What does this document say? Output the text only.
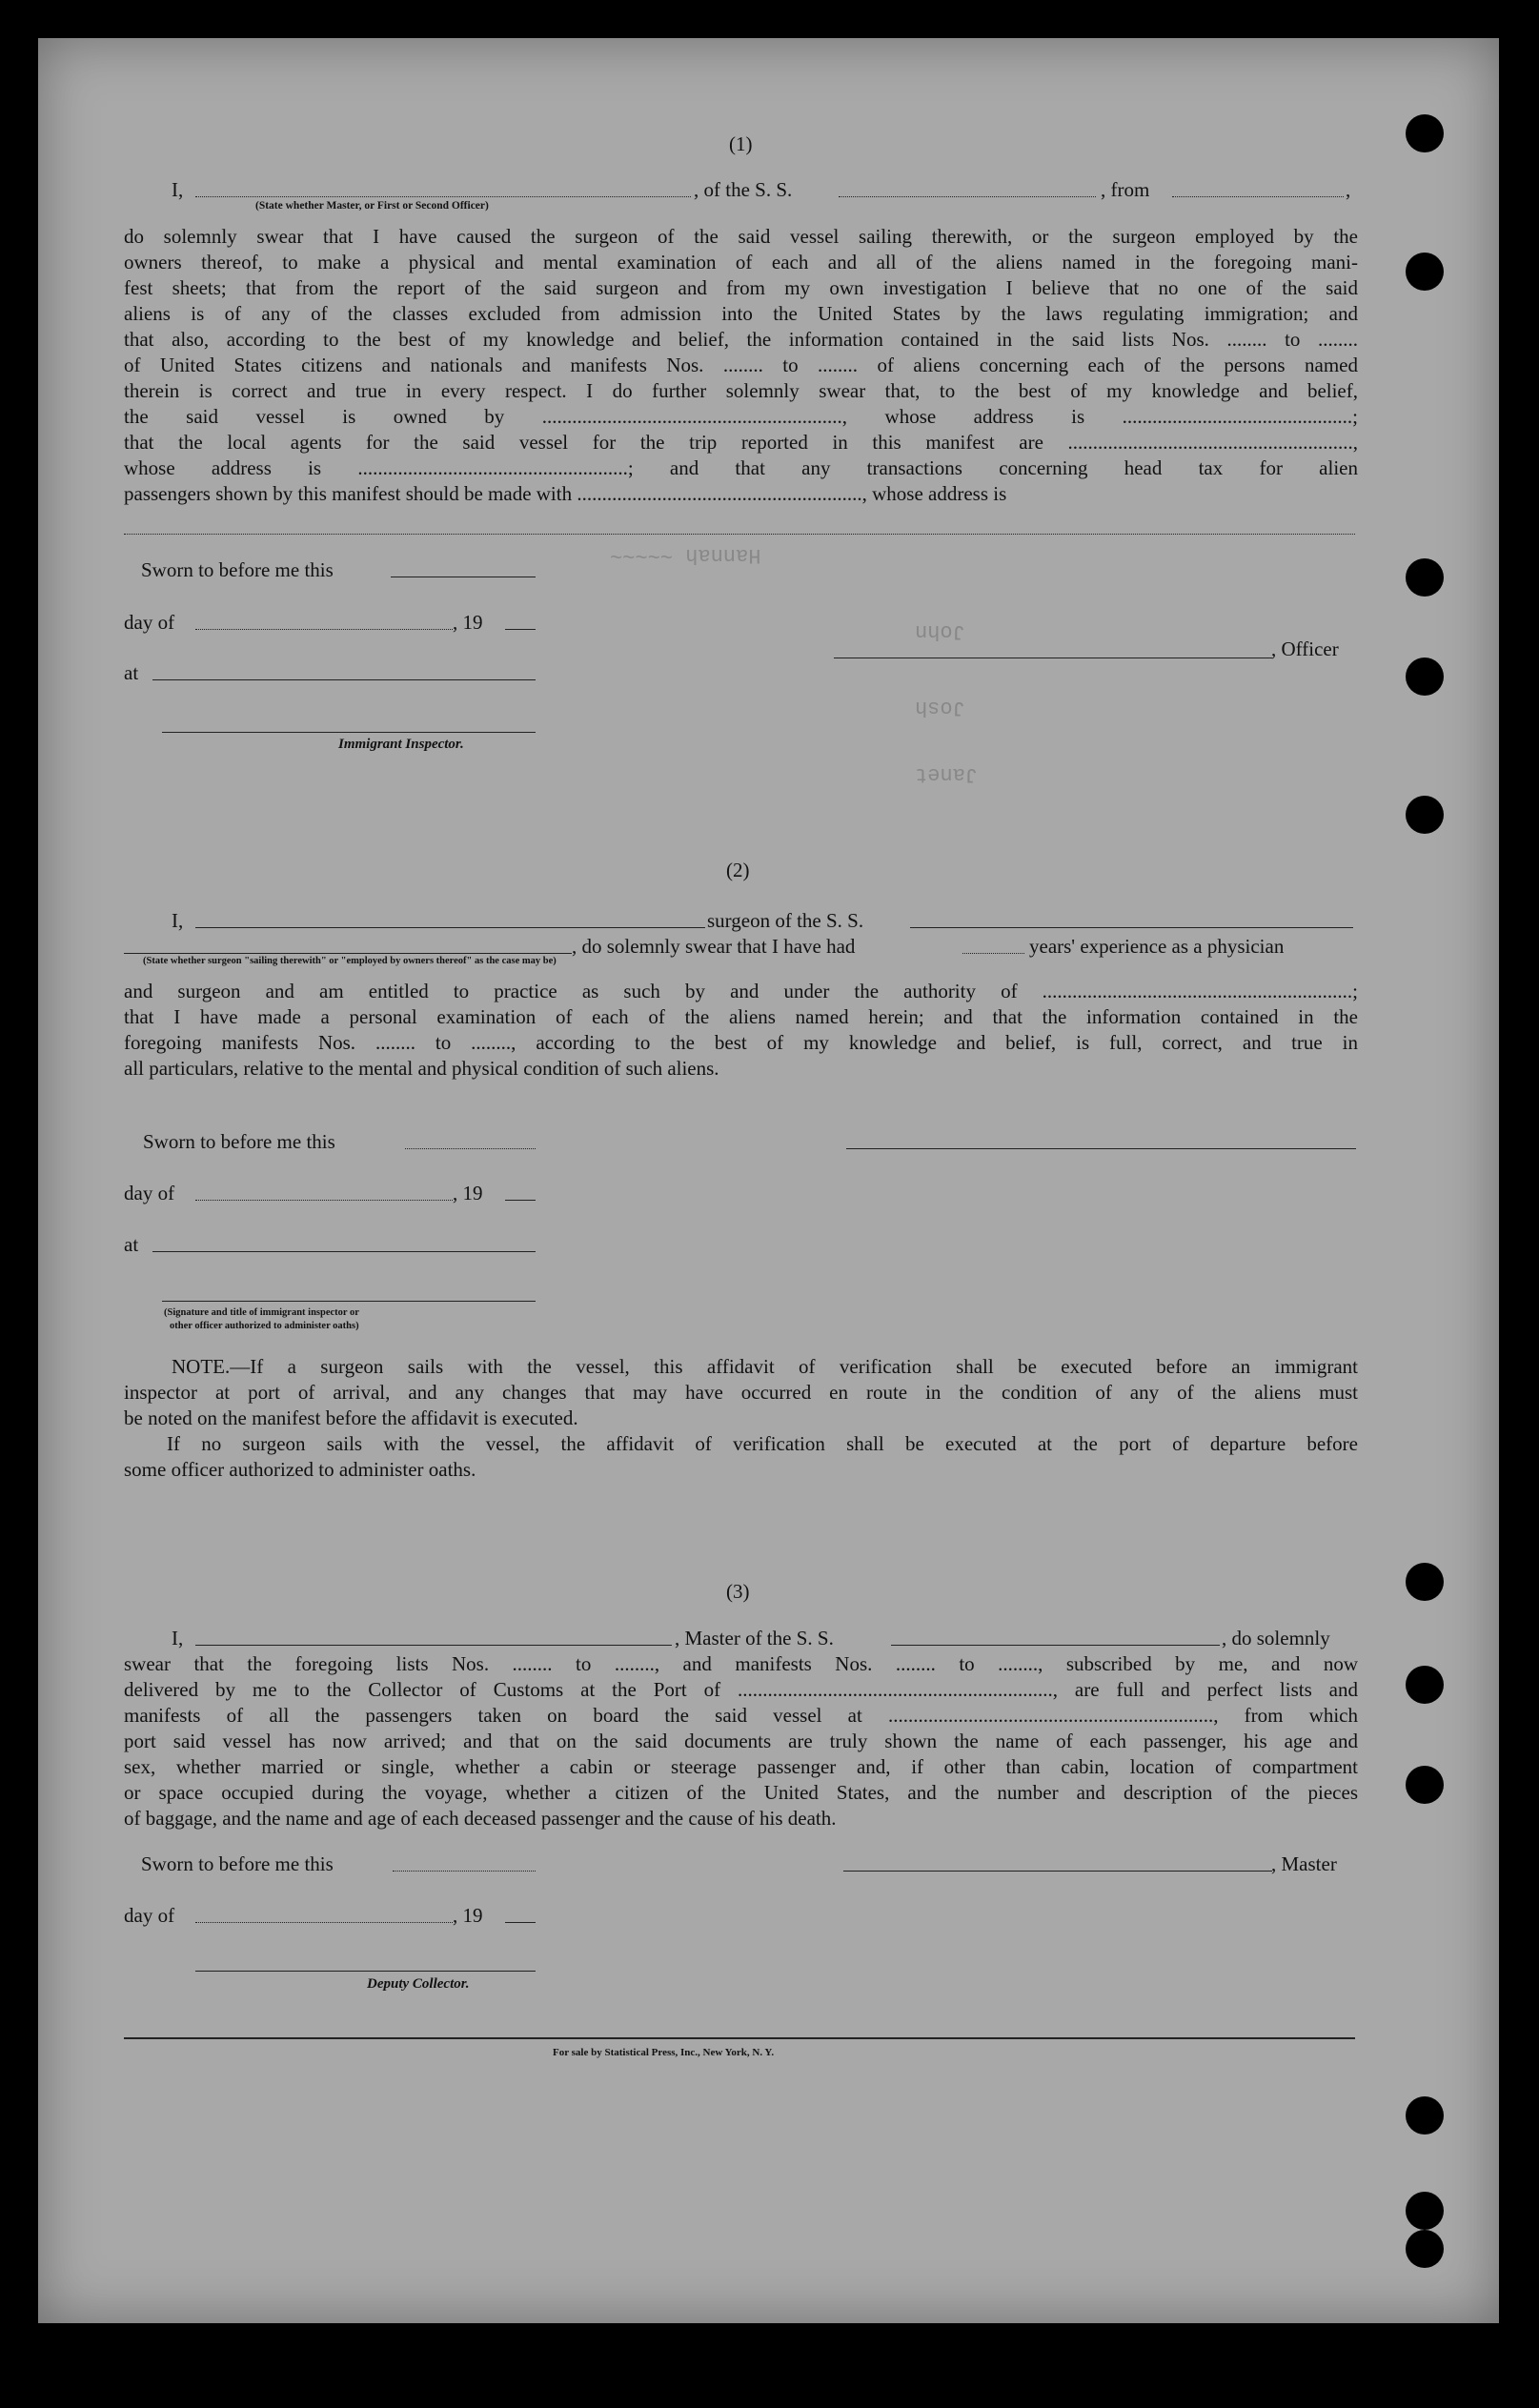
Hannah ~~~~~
John
Josh
Janet
(1)
I,	, of the S. S.	, from	,
(State whether Master, or First or Second Officer)
do solemnly swear that I have caused the surgeon of the said vessel sailing therewith, or the surgeon employed by the
owners thereof, to make a physical and mental examination of each and all of the aliens named in the foregoing mani-
fest sheets; that from the report of the said surgeon and from my own investigation I believe that no one of the said
aliens is of any of the classes excluded from admission into the United States by the laws regulating immigration; and
that also, according to the best of my knowledge and belief, the information contained in the said lists Nos. ........ to ........
of United States citizens and nationals and manifests Nos. ........ to ........ of aliens concerning each of the persons named
therein is correct and true in every respect. I do further solemnly swear that, to the best of my knowledge and belief,
the said vessel is owned by ............................................................, whose address is ..............................................;
that the local agents for the said vessel for the trip reported in this manifest are .........................................................,
whose address is ......................................................; and that any transactions concerning head tax for alien
passengers shown by this manifest should be made with ........................................................., whose address is
Sworn to before me this
day of	, 19
at
Immigrant Inspector.
, Officer
(2)
I,	surgeon of the S. S.
, do solemnly swear that I have had	years' experience as a physician
(State whether surgeon "sailing therewith" or "employed by owners thereof" as the case may be)
and surgeon and am entitled to practice as such by and under the authority of ..............................................................;
that I have made a personal examination of each of the aliens named herein; and that the information contained in the
foregoing manifests Nos. ........ to ........, according to the best of my knowledge and belief, is full, correct, and true in
all particulars, relative to the mental and physical condition of such aliens.
Sworn to before me this
day of	, 19
at
(Signature and title of immigrant inspector or
other officer authorized to administer oaths)
NOTE.—If a surgeon sails with the vessel, this affidavit of verification shall be executed before an immigrant
inspector at port of arrival, and any changes that may have occurred en route in the condition of any of the aliens must
be noted on the manifest before the affidavit is executed.
If no surgeon sails with the vessel, the affidavit of verification shall be executed at the port of departure before
some officer authorized to administer oaths.
(3)
I,	, Master of the S. S.	, do solemnly
swear that the foregoing lists Nos. ........ to ........, and manifests Nos. ........ to ........, subscribed by me, and now
delivered by me to the Collector of Customs at the Port of ..............................................................., are full and perfect lists and
manifests of all the passengers taken on board the said vessel at ................................................................., from which
port said vessel has now arrived; and that on the said documents are truly shown the name of each passenger, his age and
sex, whether married or single, whether a cabin or steerage passenger and, if other than cabin, location of compartment
or space occupied during the voyage, whether a citizen of the United States, and the number and description of the pieces
of baggage, and the name and age of each deceased passenger and the cause of his death.
Sworn to before me this	, Master
day of	, 19
Deputy Collector.
For sale by Statistical Press, Inc., New York, N. Y.
